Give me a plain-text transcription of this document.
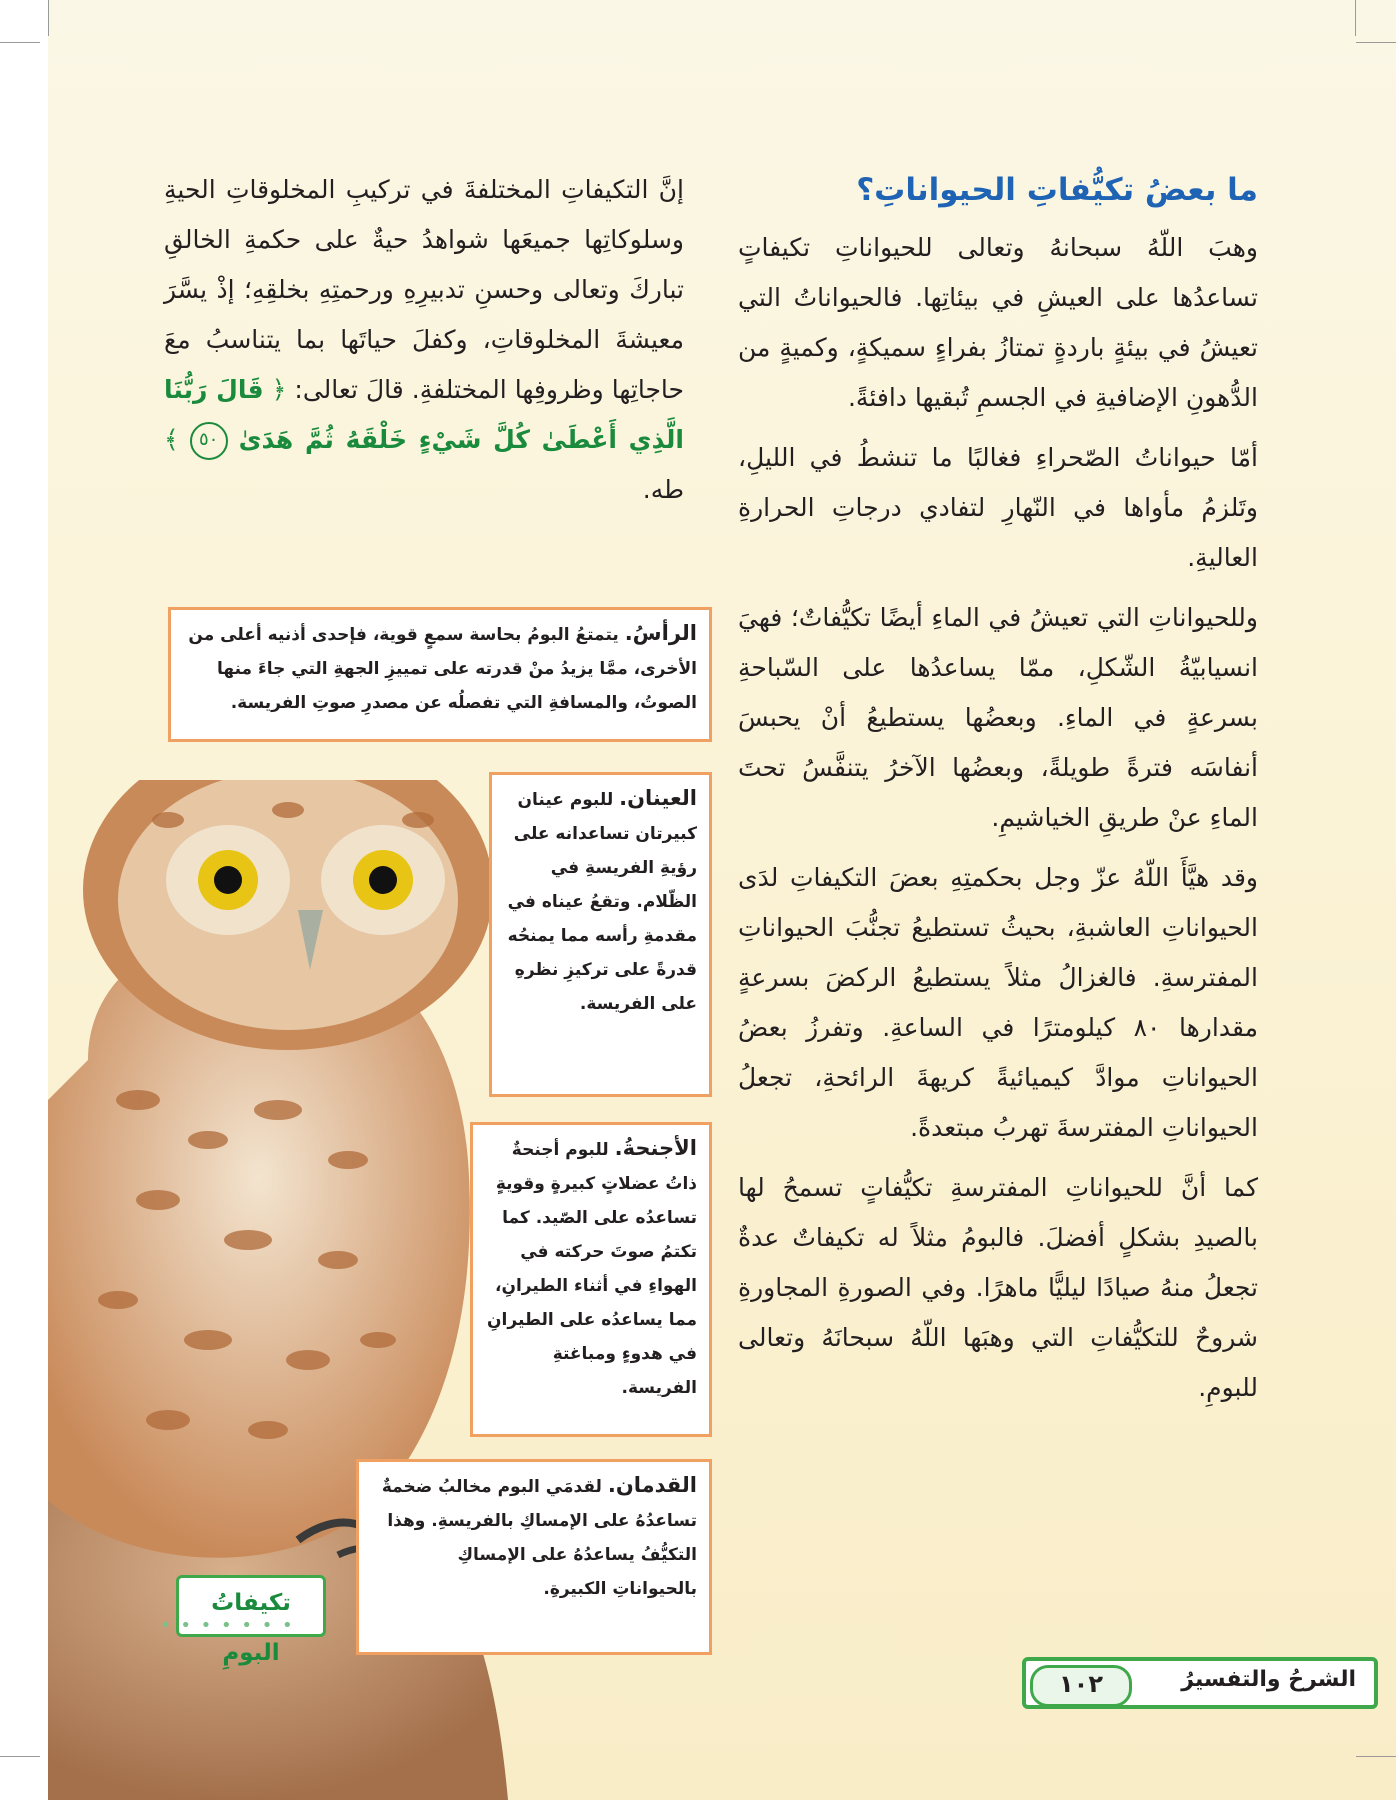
ما بعضُ تكيُّفاتِ الحيواناتِ؟

وهبَ اللّهُ سبحانهُ وتعالى للحيواناتِ تكيفاتٍ تساعدُها على العيشِ في بيئاتِها. فالحيواناتُ التي تعيشُ في بيئةٍ باردةٍ تمتازُ بفراءٍ سميكةٍ، وكميةٍ من الدُّهونِ الإضافيةِ في الجسمِ تُبقيها دافئةً.

أمّا حيواناتُ الصّحراءِ فغالبًا ما تنشطُ في الليلِ، وتَلزمُ مأواها في النّهارِ لتفادي درجاتِ الحرارةِ العاليةِ.

وللحيواناتِ التي تعيشُ في الماءِ أيضًا تكيُّفاتٌ؛ فهيَ انسيابيّةُ الشّكلِ، ممّا يساعدُها على السّباحةِ بسرعةٍ في الماءِ. وبعضُها يستطيعُ أنْ يحبسَ أنفاسَه فترةً طويلةً، وبعضُها الآخرُ يتنفَّسُ تحتَ الماءِ عنْ طريقِ الخياشيمِ.

وقد هيَّأَ اللّهُ عزّ وجل بحكمتِهِ بعضَ التكيفاتِ لدَى الحيواناتِ العاشبةِ، بحيثُ تستطيعُ تجنُّبَ الحيواناتِ المفترسةِ. فالغزالُ مثلاً يستطيعُ الركضَ بسرعةٍ مقدارها ٨٠ كيلومترًا في الساعةِ. وتفرزُ بعضُ الحيواناتِ موادَّ كيميائيةً كريهةَ الرائحةِ، تجعلُ الحيواناتِ المفترسةَ تهربُ مبتعدةً.

كما أنَّ للحيواناتِ المفترسةِ تكيُّفاتٍ تسمحُ لها بالصيدِ بشكلٍ أفضلَ. فالبومُ مثلاً له تكيفاتٌ عدةٌ تجعلُ منهُ صيادًا ليليًّا ماهرًا. وفي الصورةِ المجاورةِ شروحٌ للتكيُّفاتِ التي وهبَها اللّهُ سبحانَهُ وتعالى للبومِ.

إنَّ التكيفاتِ المختلفةَ في تركيبِ المخلوقاتِ الحيةِ وسلوكاتِها جميعَها شواهدُ حيةٌ على حكمةِ الخالقِ تباركَ وتعالى وحسنِ تدبيرِهِ ورحمتِهِ بخلقِهِ؛ إذْ يسَّرَ معيشةَ المخلوقاتِ، وكفلَ حياتَها بما يتناسبُ معَ حاجاتِها وظروفِها المختلفةِ. قالَ تعالى: ﴿ قَالَ رَبُّنَا الَّذِي أَعْطَىٰ كُلَّ شَيْءٍ خَلْقَهُ ثُمَّ هَدَىٰ ٥٠ ﴾ طه.

الرأسُ. يتمتعُ البومُ بحاسة سمعٍ قوية، فإحدى أذنيه أعلى من الأخرى، ممَّا يزيدُ منْ قدرته على تمييزِ الجهةِ التي جاءَ منها الصوتُ، والمسافةِ التي تفصلُه عن مصدرِ صوتِ الفريسة.
العينان. للبوم عينان كبيرتان تساعدانه على رؤيةِ الفريسةِ في الظّلام. وتقعُ عيناه في مقدمةِ رأسه مما يمنحُه قدرةً على تركيزِ نظرهِ على الفريسة.
الأجنحةُ. للبوم أجنحةٌ ذاتُ عضلاتٍ كبيرةٍ وقويةٍ تساعدُه على الصّيد. كما تكتمُ صوتَ حركته في الهواءِ في أثناء الطيرانِ، مما يساعدُه على الطيرانِ في هدوءٍ ومباغتةِ الفريسة.
القدمان. لقدمَي البوم مخالبُ ضخمةٌ تساعدُهُ على الإمساكِ بالفريسةِ. وهذا التكيُّفُ يساعدُهُ على الإمساكِ بالحيواناتِ الكبيرةِ.
تكيفاتُ البومِ
• • • • • • •
الشرحُ والتفسيرُ
١٠٢
